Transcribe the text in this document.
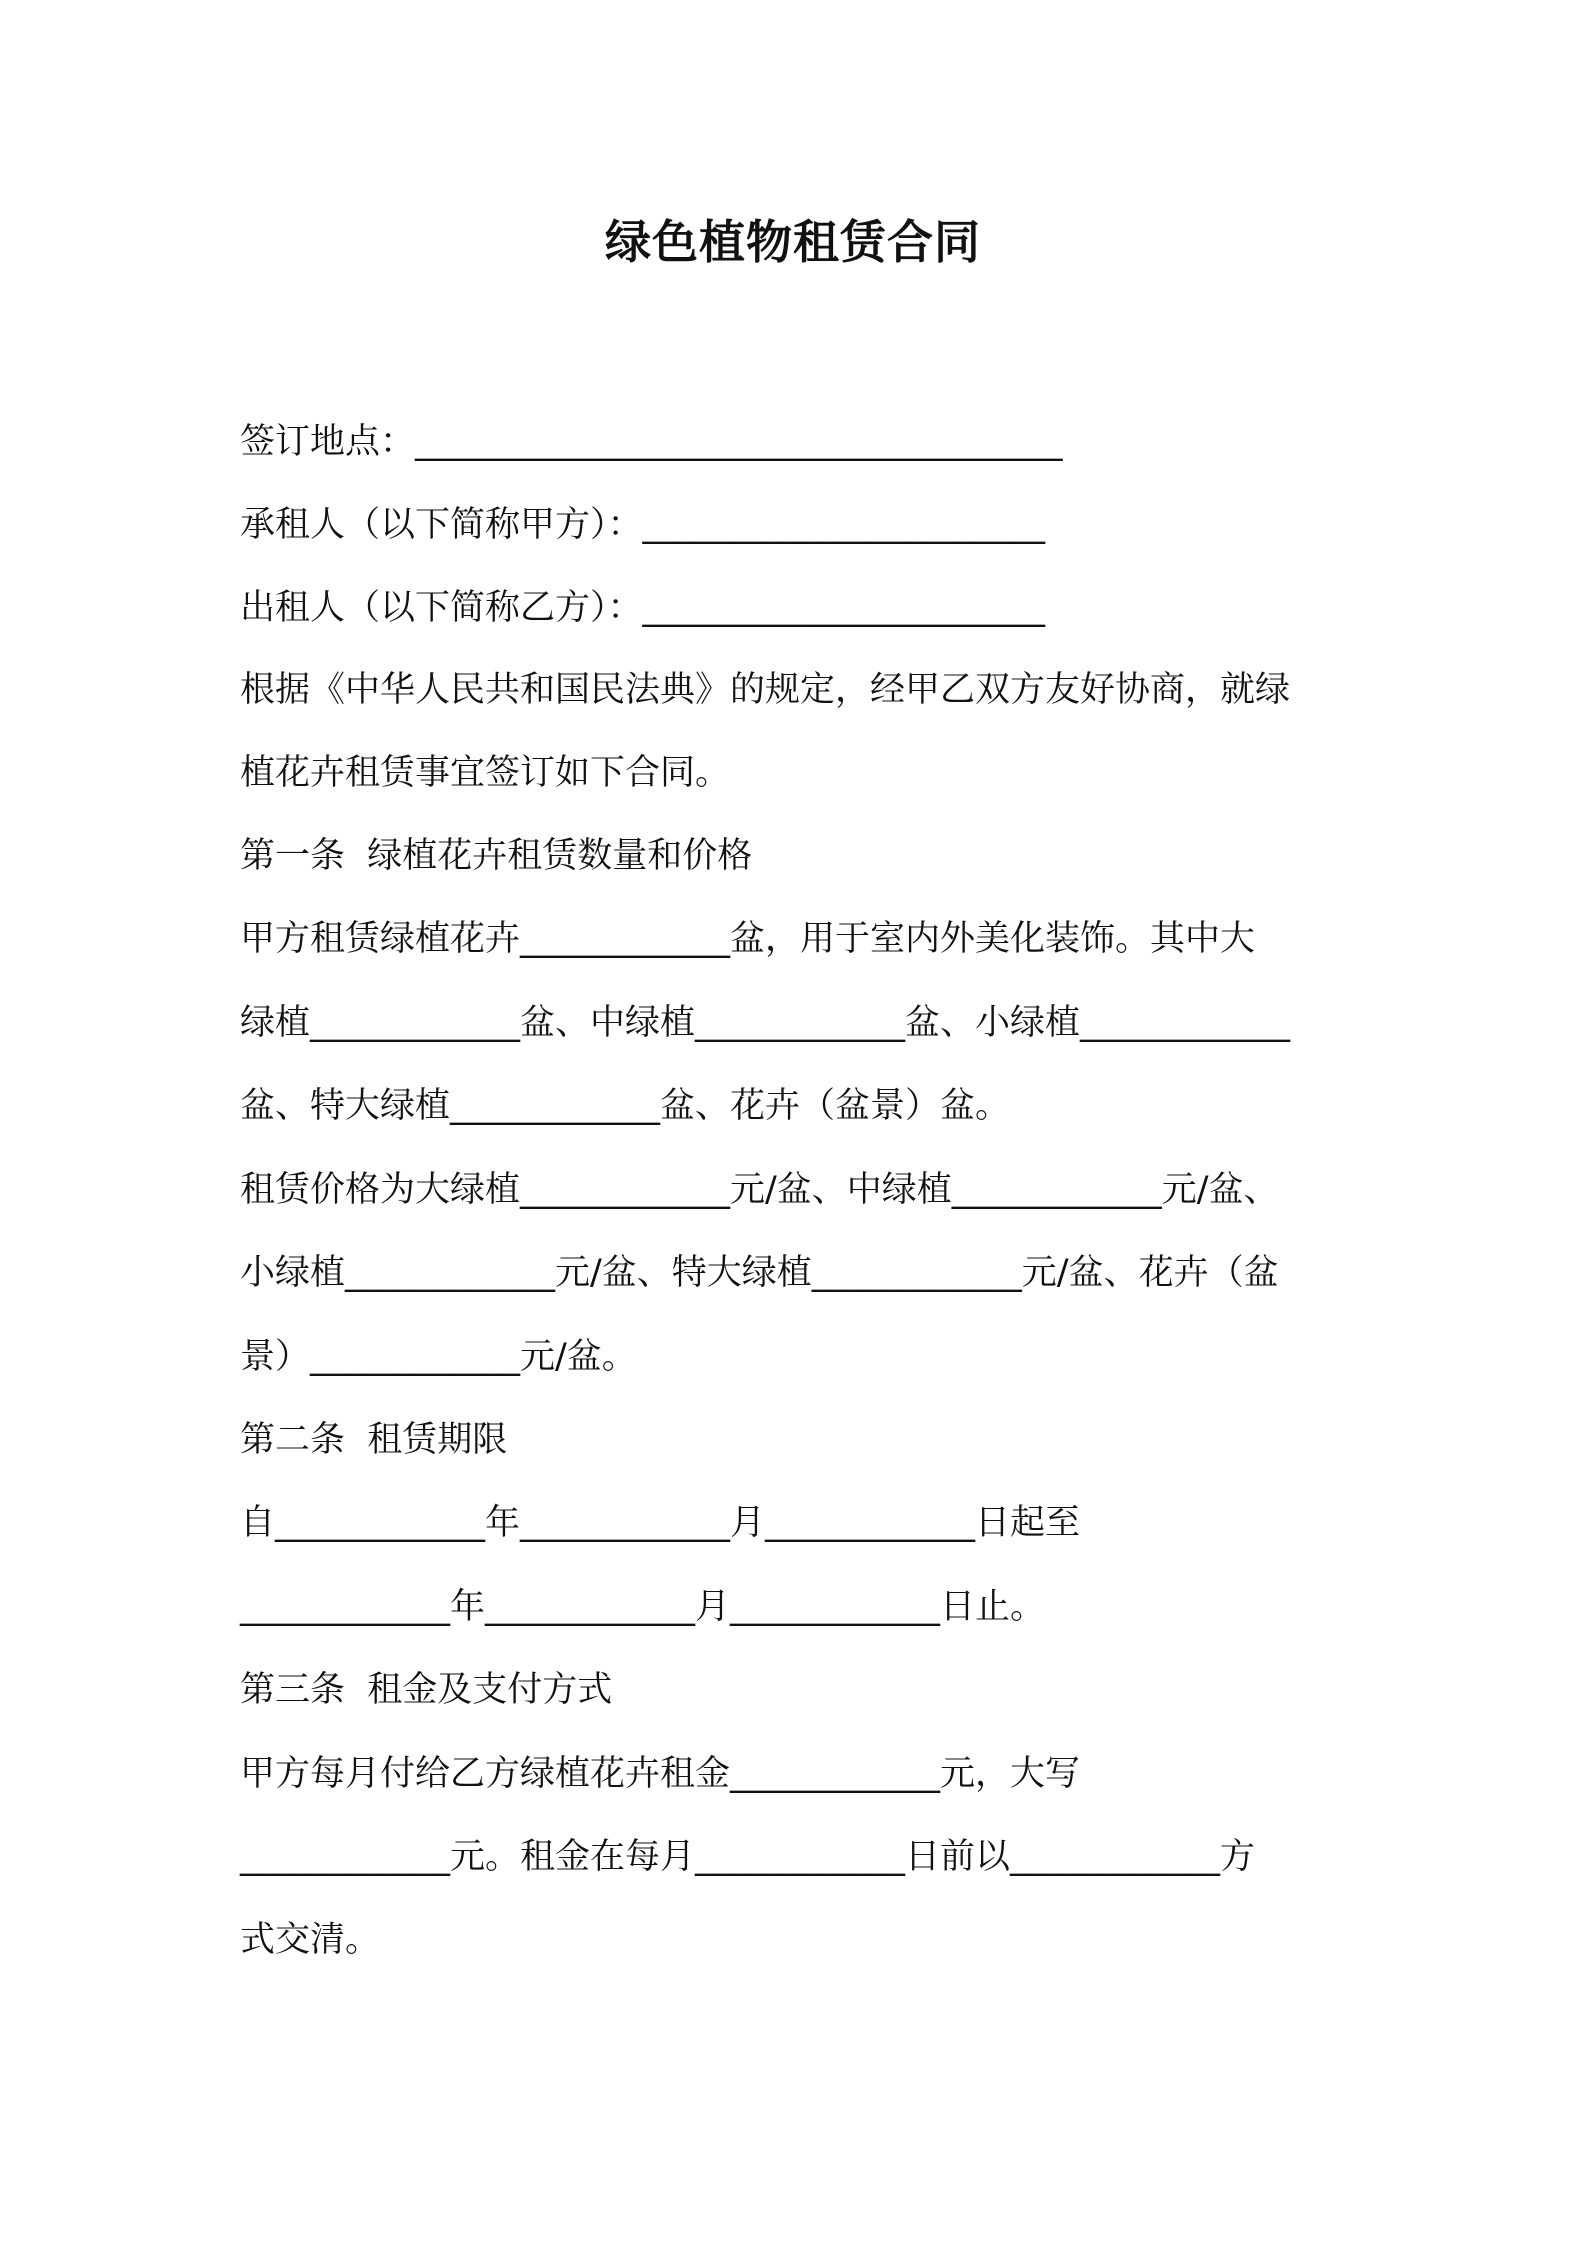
绿色植物租赁合同
签订地点：_____________________________________
承租人（以下简称甲方）：_______________________
出租人（以下简称乙方）：_______________________
根据《中华人民共和国民法典》的规定，经甲乙双方友好协商，就绿
植花卉租赁事宜签订如下合同。
第一条  绿植花卉租赁数量和价格
甲方租赁绿植花卉____________盆，用于室内外美化装饰。其中大
绿植____________盆、中绿植____________盆、小绿植____________
盆、特大绿植____________盆、花卉（盆景）盆。
租赁价格为大绿植____________元/盆、中绿植____________元/盆、
小绿植____________元/盆、特大绿植____________元/盆、花卉（盆
景）____________元/盆。
第二条  租赁期限
自____________年____________月____________日起至
____________年____________月____________日止。
第三条  租金及支付方式
甲方每月付给乙方绿植花卉租金____________元，大写
____________元。租金在每月____________日前以____________方
式交清。
